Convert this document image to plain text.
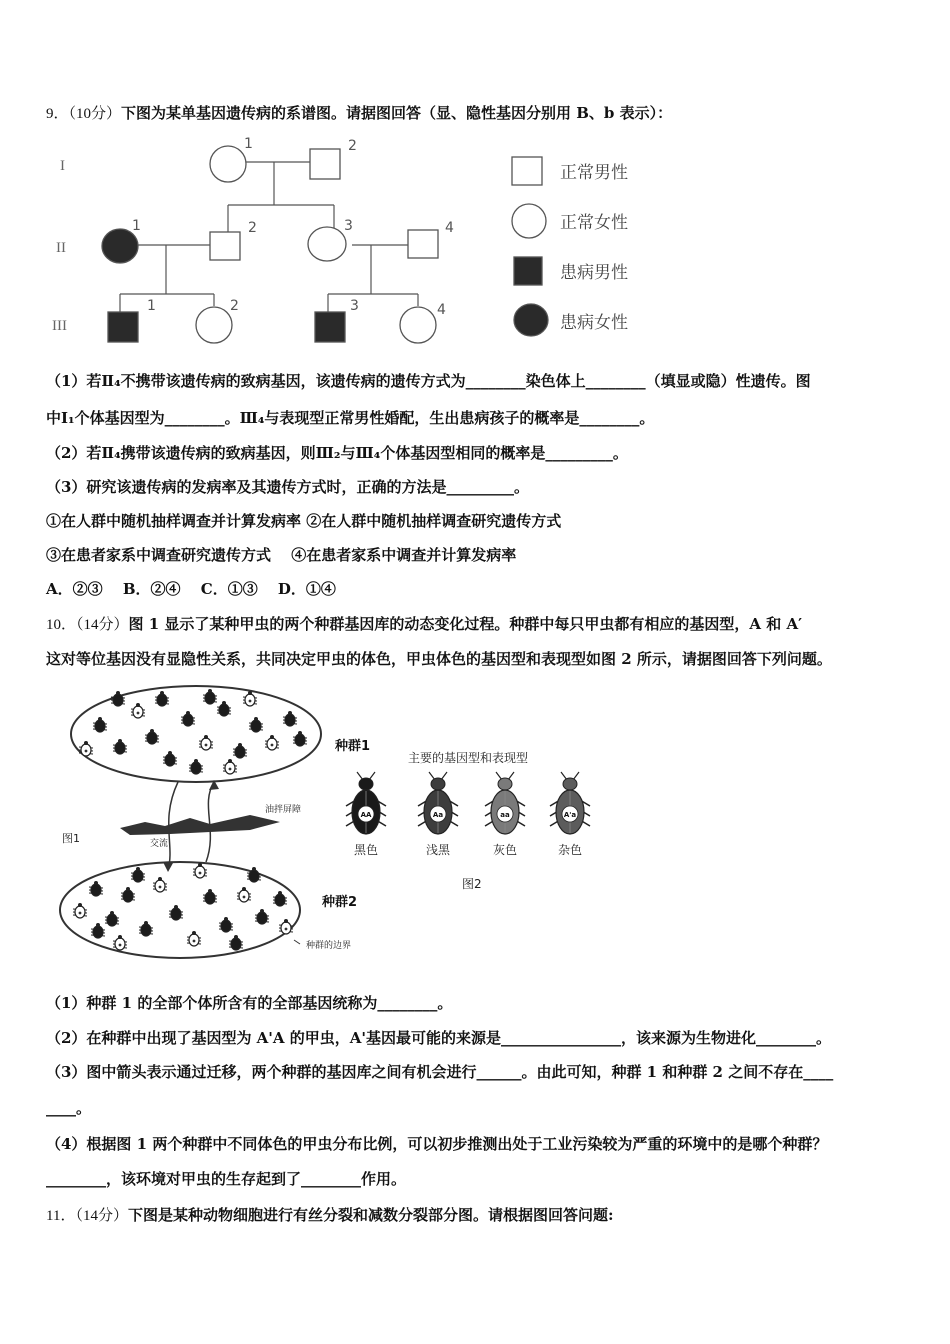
9．（10分）下图为某单基因遗传病的系谱图。请据图回答（显、隐性基因分别用 B、b 表示）：
I
II
III
1	2
1	2	3	4
1	2	3	4
正常男性
正常女性
患病男性
患病女性
（1）若Ⅱ₄不携带该遗传病的致病基因，该遗传病的遗传方式为________染色体上________（填显或隐）性遗传。图
中Ⅰ₁个体基因型为________。Ⅲ₄与表现型正常男性婚配，生出患病孩子的概率是________。
（2）若Ⅱ₄携带该遗传病的致病基因，则Ⅲ₂与Ⅲ₄个体基因型相同的概率是_________。
（3）研究该遗传病的发病率及其遗传方式时，正确的方法是_________。
①在人群中随机抽样调查并计算发病率 ②在人群中随机抽样调查研究遗传方式
③在患者家系中调查研究遗传方式　 ④在患者家系中调查并计算发病率
A．②③　 B．②④　 C．①③　 D．①④
10．（14分）图 1 显示了某种甲虫的两个种群基因库的动态变化过程。种群中每只甲虫都有相应的基因型，A 和 A′
这对等位基因没有显隐性关系，共同决定甲虫的体色，甲虫体色的基因型和表现型如图 2 所示，请据图回答下列问题。
油拌屏障
交流
图1
种群1
种群2
种群的边界
主要的基因型和表现型
AA
黑色
Aa
浅黑
aa
灰色
A'a
杂色
图2
（1）种群 1 的全部个体所含有的全部基因统称为________。
（2）在种群中出现了基因型为 A'A 的甲虫，A'基因最可能的来源是________________，该来源为生物进化________。
（3）图中箭头表示通过迁移，两个种群的基因库之间有机会进行______。由此可知，种群 1 和种群 2 之间不存在____
____。
（4）根据图 1 两个种群中不同体色的甲虫分布比例，可以初步推测出处于工业污染较为严重的环境中的是哪个种群？
________，该环境对甲虫的生存起到了________作用。
11．（14分）下图是某种动物细胞进行有丝分裂和减数分裂部分图。请根据图回答问题:
